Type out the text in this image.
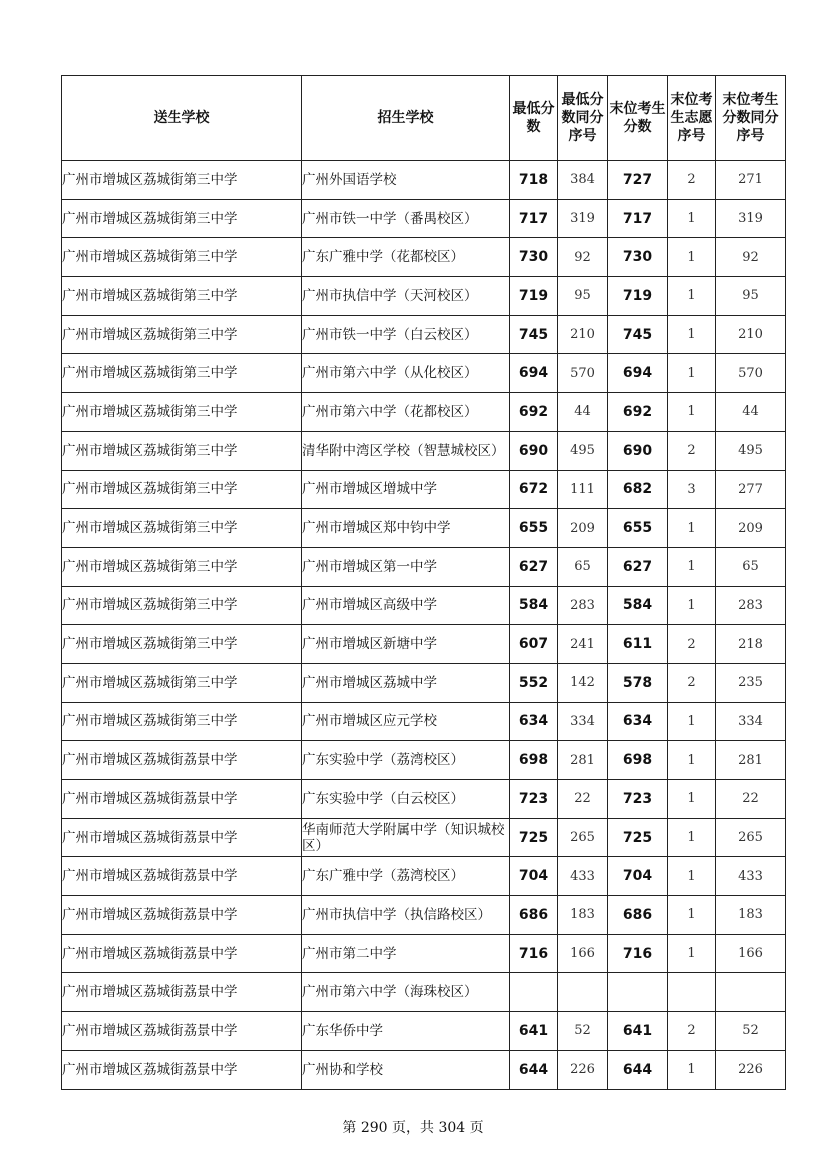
送生学校	招生学校	最低分数	最低分数同分序号	末位考生分数	末位考生志愿序号	末位考生分数同分序号
广州市增城区荔城街第三中学	广州外国语学校	718	384	727	2	271
广州市增城区荔城街第三中学	广州市铁一中学（番禺校区）	717	319	717	1	319
广州市增城区荔城街第三中学	广东广雅中学（花都校区）	730	92	730	1	92
广州市增城区荔城街第三中学	广州市执信中学（天河校区）	719	95	719	1	95
广州市增城区荔城街第三中学	广州市铁一中学（白云校区）	745	210	745	1	210
广州市增城区荔城街第三中学	广州市第六中学（从化校区）	694	570	694	1	570
广州市增城区荔城街第三中学	广州市第六中学（花都校区）	692	44	692	1	44
广州市增城区荔城街第三中学	清华附中湾区学校（智慧城校区）	690	495	690	2	495
广州市增城区荔城街第三中学	广州市增城区增城中学	672	111	682	3	277
广州市增城区荔城街第三中学	广州市增城区郑中钧中学	655	209	655	1	209
广州市增城区荔城街第三中学	广州市增城区第一中学	627	65	627	1	65
广州市增城区荔城街第三中学	广州市增城区高级中学	584	283	584	1	283
广州市增城区荔城街第三中学	广州市增城区新塘中学	607	241	611	2	218
广州市增城区荔城街第三中学	广州市增城区荔城中学	552	142	578	2	235
广州市增城区荔城街第三中学	广州市增城区应元学校	634	334	634	1	334
广州市增城区荔城街荔景中学	广东实验中学（荔湾校区）	698	281	698	1	281
广州市增城区荔城街荔景中学	广东实验中学（白云校区）	723	22	723	1	22
广州市增城区荔城街荔景中学	华南师范大学附属中学（知识城校区）	725	265	725	1	265
广州市增城区荔城街荔景中学	广东广雅中学（荔湾校区）	704	433	704	1	433
广州市增城区荔城街荔景中学	广州市执信中学（执信路校区）	686	183	686	1	183
广州市增城区荔城街荔景中学	广州市第二中学	716	166	716	1	166
广州市增城区荔城街荔景中学	广州市第六中学（海珠校区）					
广州市增城区荔城街荔景中学	广东华侨中学	641	52	641	2	52
广州市增城区荔城街荔景中学	广州协和学校	644	226	644	1	226
第 290 页，共 304 页
